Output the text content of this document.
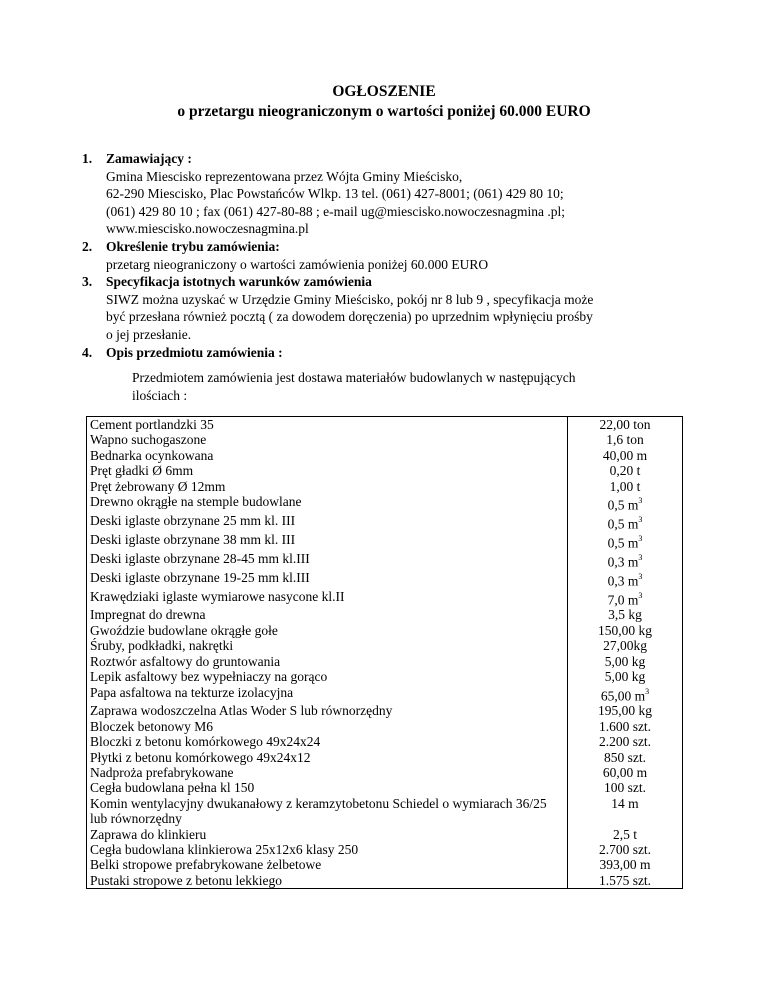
OGŁOSZENIE
o przetargu nieograniczonym o wartości poniżej 60.000 EURO
1. Zamawiający :
Gmina Miescisko reprezentowana przez Wójta Gminy Mieścisko,
62-290 Miescisko, Plac Powstańców Wlkp. 13 tel. (061) 427-8001; (061) 429 80 10;
(061) 429 80 10 ; fax (061) 427-80-88 ; e-mail ug@miescisko.nowoczesnagmina .pl;
www.miescisko.nowoczesnagmina.pl
2. Określenie trybu zamówienia:
przetarg nieograniczony o wartości zamówienia poniżej 60.000 EURO
3. Specyfikacja istotnych warunków zamówienia
SIWZ można uzyskać w Urzędzie Gminy Mieścisko, pokój nr 8 lub 9 , specyfikacja może
być przesłana również pocztą ( za dowodem doręczenia) po uprzednim wpłynięciu prośby
o jej przesłanie.
4. Opis przedmiotu zamówienia :
Przedmiotem zamówienia jest dostawa materiałów budowlanych w następujących
ilościach :
Cement portlandzki 35	22,00 ton
Wapno suchogaszone	1,6 ton
Bednarka ocynkowana	40,00 m
Pręt gładki Ø 6mm	0,20 t
Pręt żebrowany Ø 12mm	1,00 t
Drewno okrągłe na stemple budowlane	0,5 $m^3$
Deski iglaste obrzynane 25 mm kl. III	0,5 $m^3$
Deski iglaste obrzynane 38 mm kl. III	0,5 $m^3$
Deski iglaste obrzynane 28-45 mm kl.III	0,3 $m^3$
Deski iglaste obrzynane 19-25 mm kl.III	0,3 $m^3$
Krawędziaki iglaste wymiarowe nasycone kl.II	7,0 $m^3$
Impregnat do drewna	3,5 kg
Gwoździe budowlane okrągłe gołe	150,00 kg
Śruby, podkładki, nakrętki	27,00kg
Roztwór asfaltowy do gruntowania	5,00 kg
Lepik asfaltowy bez wypełniaczy na gorąco	5,00 kg
Papa asfaltowa na tekturze izolacyjna	65,00 $m^3$
Zaprawa wodoszczelna Atlas Woder S lub równorzędny	195,00 kg
Bloczek betonowy M6	1.600 szt.
Bloczki z betonu komórkowego 49x24x24	2.200 szt.
Płytki z betonu komórkowego 49x24x12	850 szt.
Nadproża prefabrykowane	60,00 m
Cegła budowlana pełna kl 150	100 szt.
Komin wentylacyjny dwukanałowy z keramzytobetonu Schiedel o wymiarach 36/25 lub równorzędny	14 m
Zaprawa do klinkieru	2,5 t
Cegła budowlana klinkierowa 25x12x6 klasy 250	2.700 szt.
Belki stropowe prefabrykowane żelbetowe	393,00 m
Pustaki stropowe z betonu lekkiego	1.575 szt.
